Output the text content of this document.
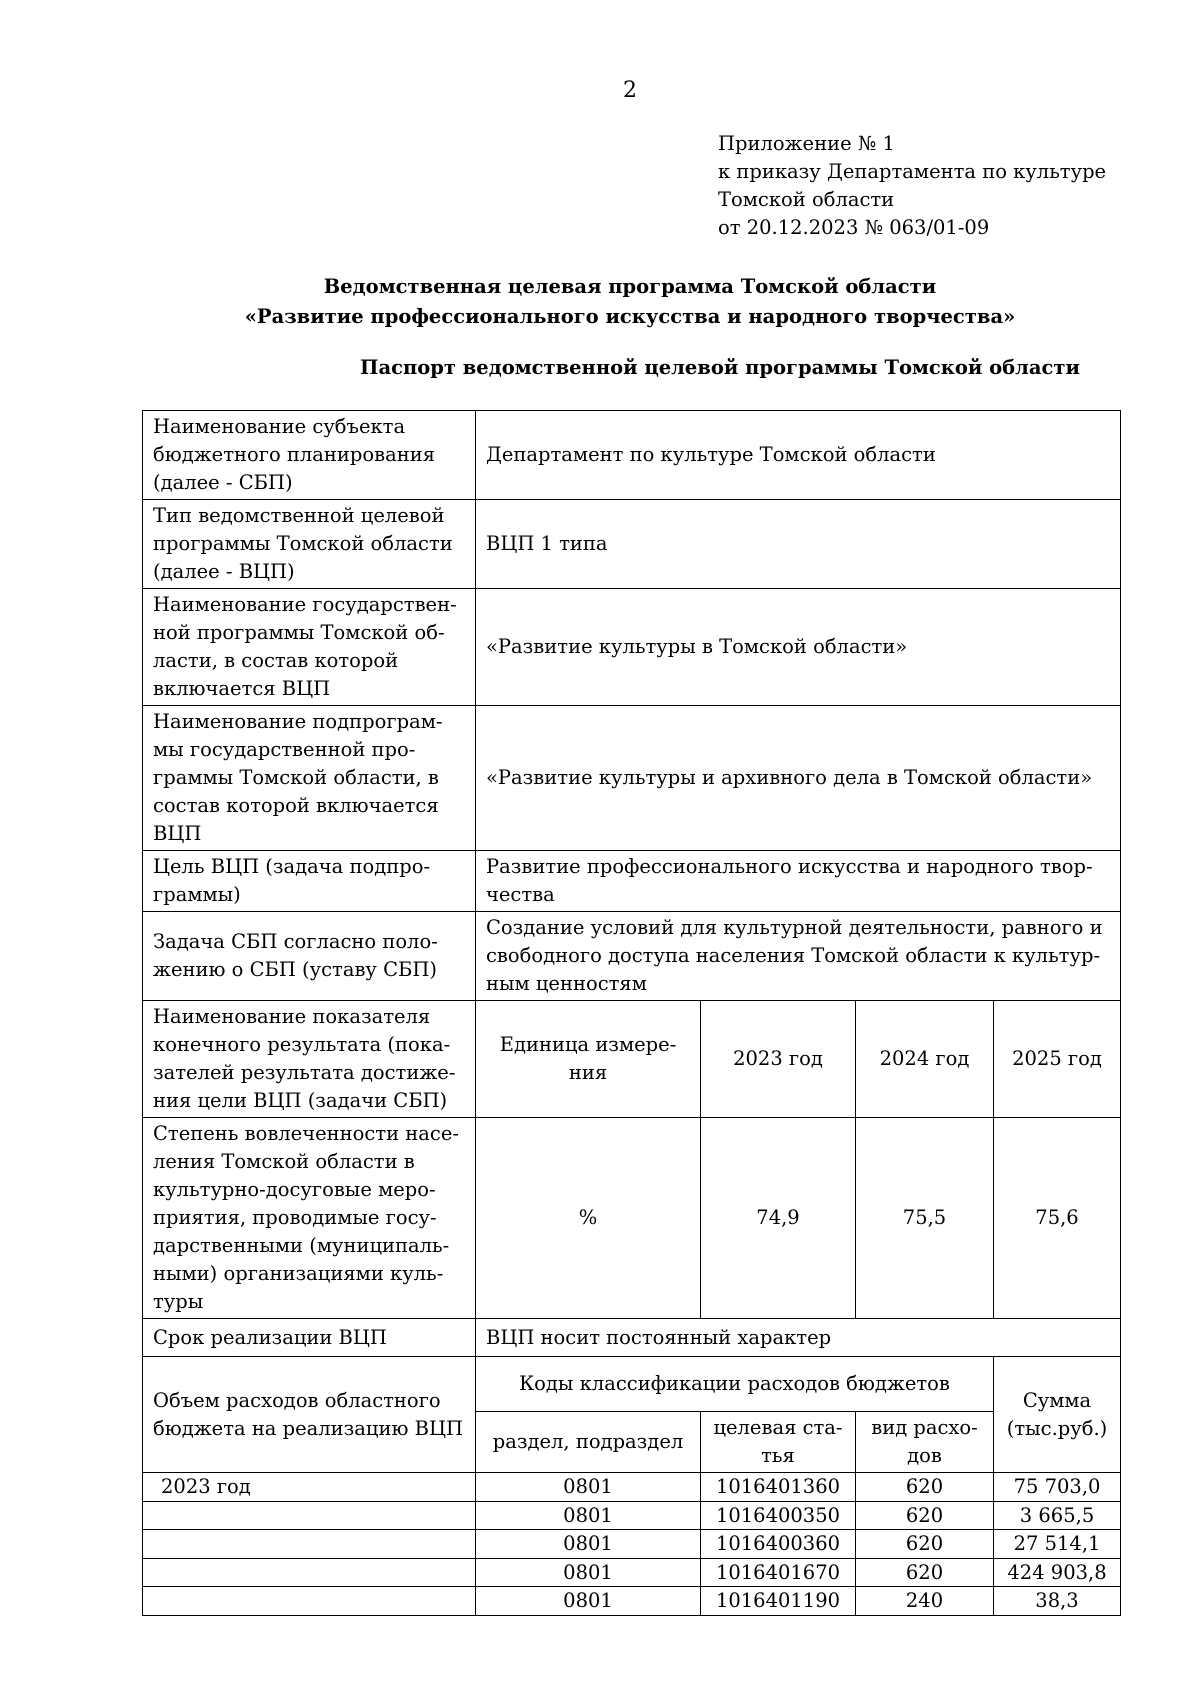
2
Приложение № 1
к приказу Департамента по культуре
Томской области
от 20.12.2023 № 063/01-09
Ведомственная целевая программа Томской области
«Развитие профессионального искусства и народного творчества»
Паспорт ведомственной целевой программы Томской области
Наименование субъекта бюджетного планирования (далее - СБП)	Департамент по культуре Томской области			
Тип ведомственной целевой программы Томской области (далее - ВЦП)	ВЦП 1 типа			
Наименование государственной программы Томской области, в состав которой включается ВЦП	«Развитие культуры в Томской области»			
Наименование подпрограммы государственной программы Томской области, в состав которой включается ВЦП	«Развитие культуры и архивного дела в Томской области»			
Цель ВЦП (задача подпрограммы)	Развитие профессионального искусства и народного творчества			
Задача СБП согласно положению о СБП (уставу СБП)	Создание условий для культурной деятельности, равного и свободного доступа населения Томской области к культурным ценностям			
Наименование показателя конечного результата (показателей результата достижения цели ВЦП (задачи СБП)	Единица измерения	2023 год	2024 год	2025 год
Степень вовлеченности населения Томской области в культурно-досуговые мероприятия, проводимые государственными (муниципальными) организациями культуры	%	74,9	75,5	75,6
Срок реализации ВЦП	ВЦП носит постоянный характер			
Объем расходов областного бюджета на реализацию ВЦП	Коды классификации расходов бюджетов			Сумма (тыс.руб.)
	раздел, подраздел	целевая статья	вид расходов	
2023 год	0801	1016401360	620	75 703,0
	0801	1016400350	620	3 665,5
	0801	1016400360	620	27 514,1
	0801	1016401670	620	424 903,8
	0801	1016401190	240	38,3
